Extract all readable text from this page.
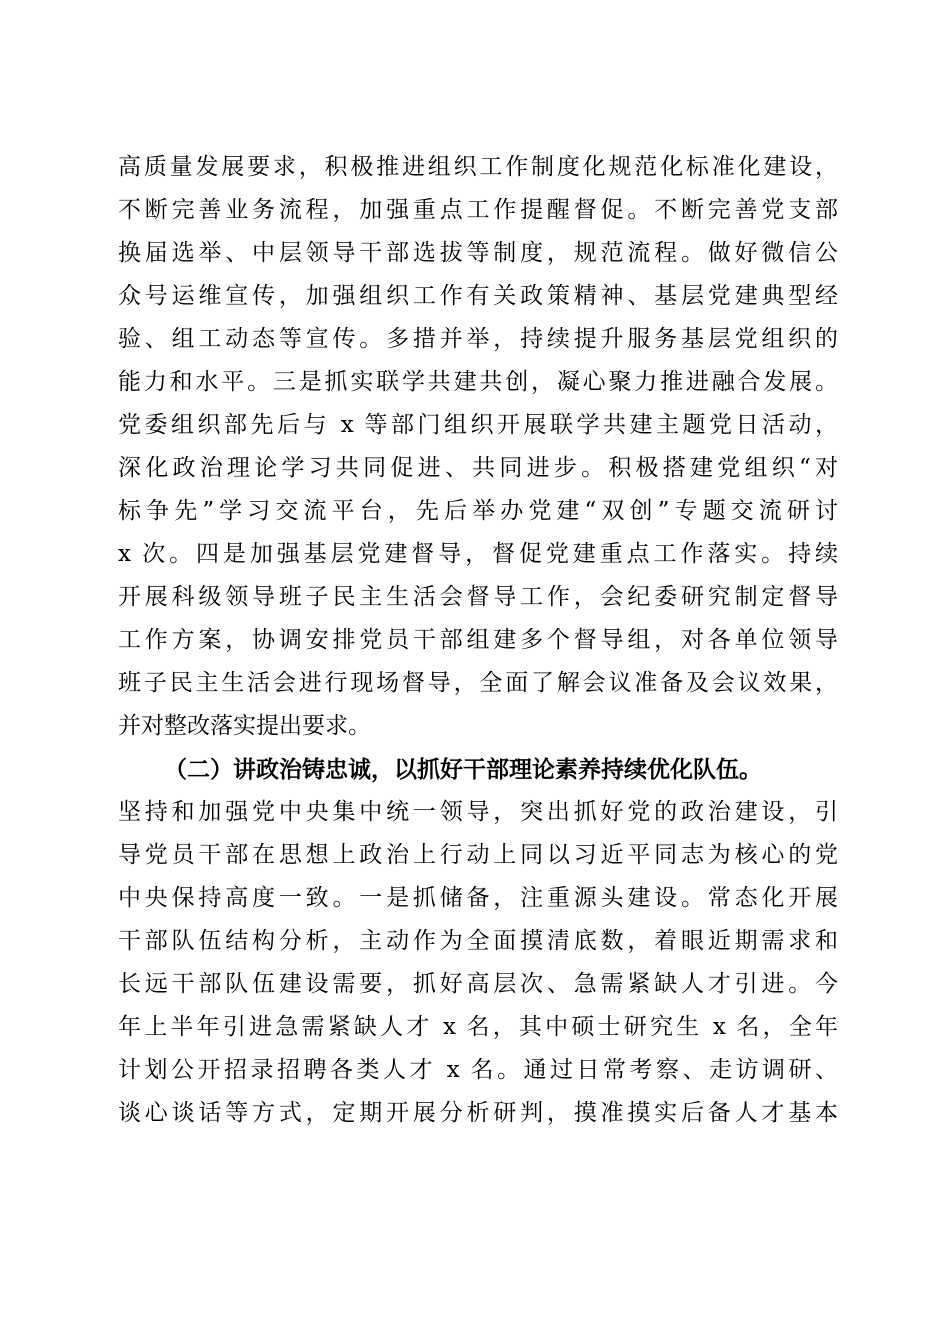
高质量发展要求，积极推进组织工作制度化规范化标准化建设，
不断完善业务流程，加强重点工作提醒督促。不断完善党支部
换届选举、中层领导干部选拔等制度，规范流程。做好微信公
众号运维宣传，加强组织工作有关政策精神、基层党建典型经
验、组工动态等宣传。多措并举，持续提升服务基层党组织的
能力和水平。三是抓实联学共建共创，凝心聚力推进融合发展。
党委组织部先后与 x 等部门组织开展联学共建主题党日活动，
深化政治理论学习共同促进、共同进步。积极搭建党组织“对
标争先”学习交流平台，先后举办党建“双创”专题交流研讨
x 次。四是加强基层党建督导，督促党建重点工作落实。持续
开展科级领导班子民主生活会督导工作，会纪委研究制定督导
工作方案，协调安排党员干部组建多个督导组，对各单位领导
班子民主生活会进行现场督导，全面了解会议准备及会议效果，
并对整改落实提出要求。
（二）讲政治铸忠诚，以抓好干部理论素养持续优化队伍。
坚持和加强党中央集中统一领导，突出抓好党的政治建设，引
导党员干部在思想上政治上行动上同以习近平同志为核心的党
中央保持高度一致。一是抓储备，注重源头建设。常态化开展
干部队伍结构分析，主动作为全面摸清底数，着眼近期需求和
长远干部队伍建设需要，抓好高层次、急需紧缺人才引进。今
年上半年引进急需紧缺人才 x 名，其中硕士研究生 x 名，全年
计划公开招录招聘各类人才 x 名。通过日常考察、走访调研、
谈心谈话等方式，定期开展分析研判，摸准摸实后备人才基本
